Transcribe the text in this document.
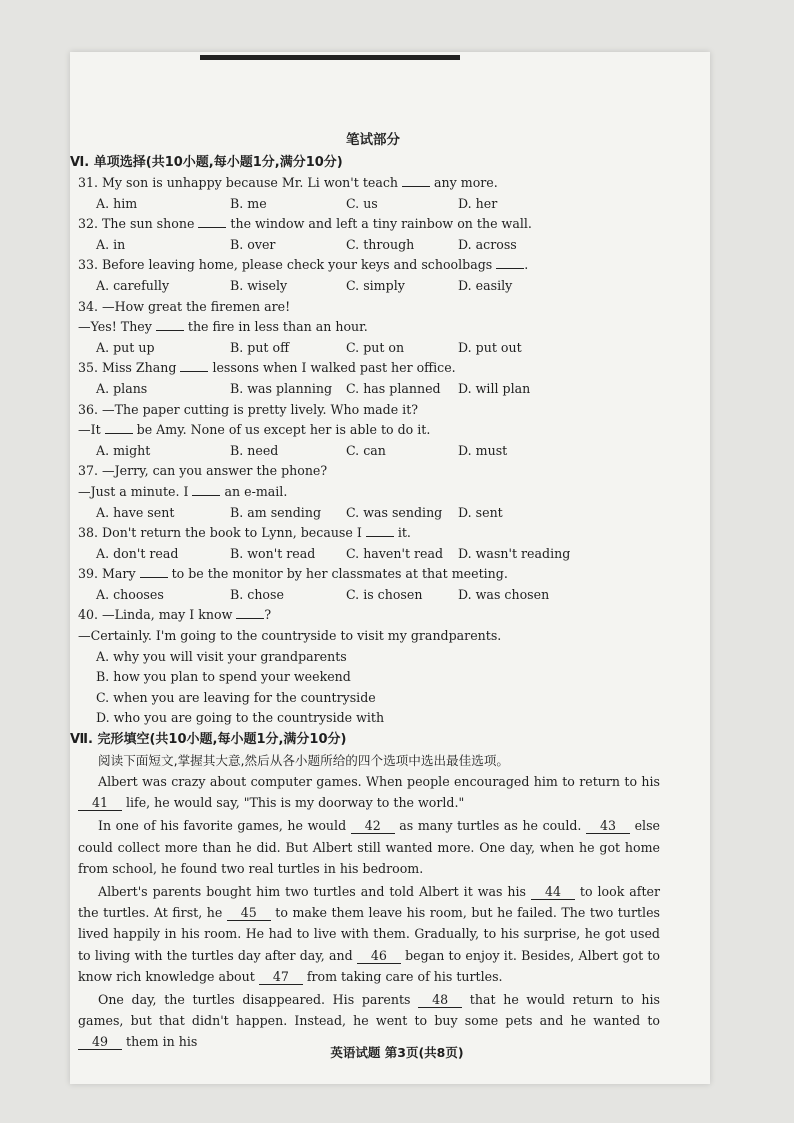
笔试部分
Ⅵ. 单项选择(共10小题,每小题1分,满分10分)
31. My son is unhappy because Mr. Li won't teach  any more.
A. him	B. me	C. us	D. her
32. The sun shone  the window and left a tiny rainbow on the wall.
A. in	B. over	C. through	D. across
33. Before leaving home, please check your keys and schoolbags .
A. carefully	B. wisely	C. simply	D. easily
34. —How great the firemen are!
—Yes! They  the fire in less than an hour.
A. put up	B. put off	C. put on	D. put out
35. Miss Zhang  lessons when I walked past her office.
A. plans	B. was planning	C. has planned	D. will plan
36. —The paper cutting is pretty lively. Who made it?
—It  be Amy. None of us except her is able to do it.
A. might	B. need	C. can	D. must
37. —Jerry, can you answer the phone?
—Just a minute. I  an e-mail.
A. have sent	B. am sending	C. was sending	D. sent
38. Don't return the book to Lynn, because I  it.
A. don't read	B. won't read	C. haven't read	D. wasn't reading
39. Mary  to be the monitor by her classmates at that meeting.
A. chooses	B. chose	C. is chosen	D. was chosen
40. —Linda, may I know ?
—Certainly. I'm going to the countryside to visit my grandparents.
A. why you will visit your grandparents
B. how you plan to spend your weekend
C. when you are leaving for the countryside
D. who you are going to the countryside with
Ⅶ. 完形填空(共10小题,每小题1分,满分10分)
阅读下面短文,掌握其大意,然后从各小题所给的四个选项中选出最佳选项。

Albert was crazy about computer games. When people encouraged him to return to his 41 life, he would say, "This is my doorway to the world."

In one of his favorite games, he would 42 as many turtles as he could. 43 else could collect more than he did. But Albert still wanted more. One day, when he got home from school, he found two real turtles in his bedroom.

Albert's parents bought him two turtles and told Albert it was his 44 to look after the turtles. At first, he 45 to make them leave his room, but he failed. The two turtles lived happily in his room. He had to live with them. Gradually, to his surprise, he got used to living with the turtles day after day, and 46 began to enjoy it. Besides, Albert got to know rich knowledge about 47 from taking care of his turtles.

One day, the turtles disappeared. His parents 48 that he would return to his games, but that didn't happen. Instead, he went to buy some pets and he wanted to 49 them in his

英语试题 第3页(共8页)
